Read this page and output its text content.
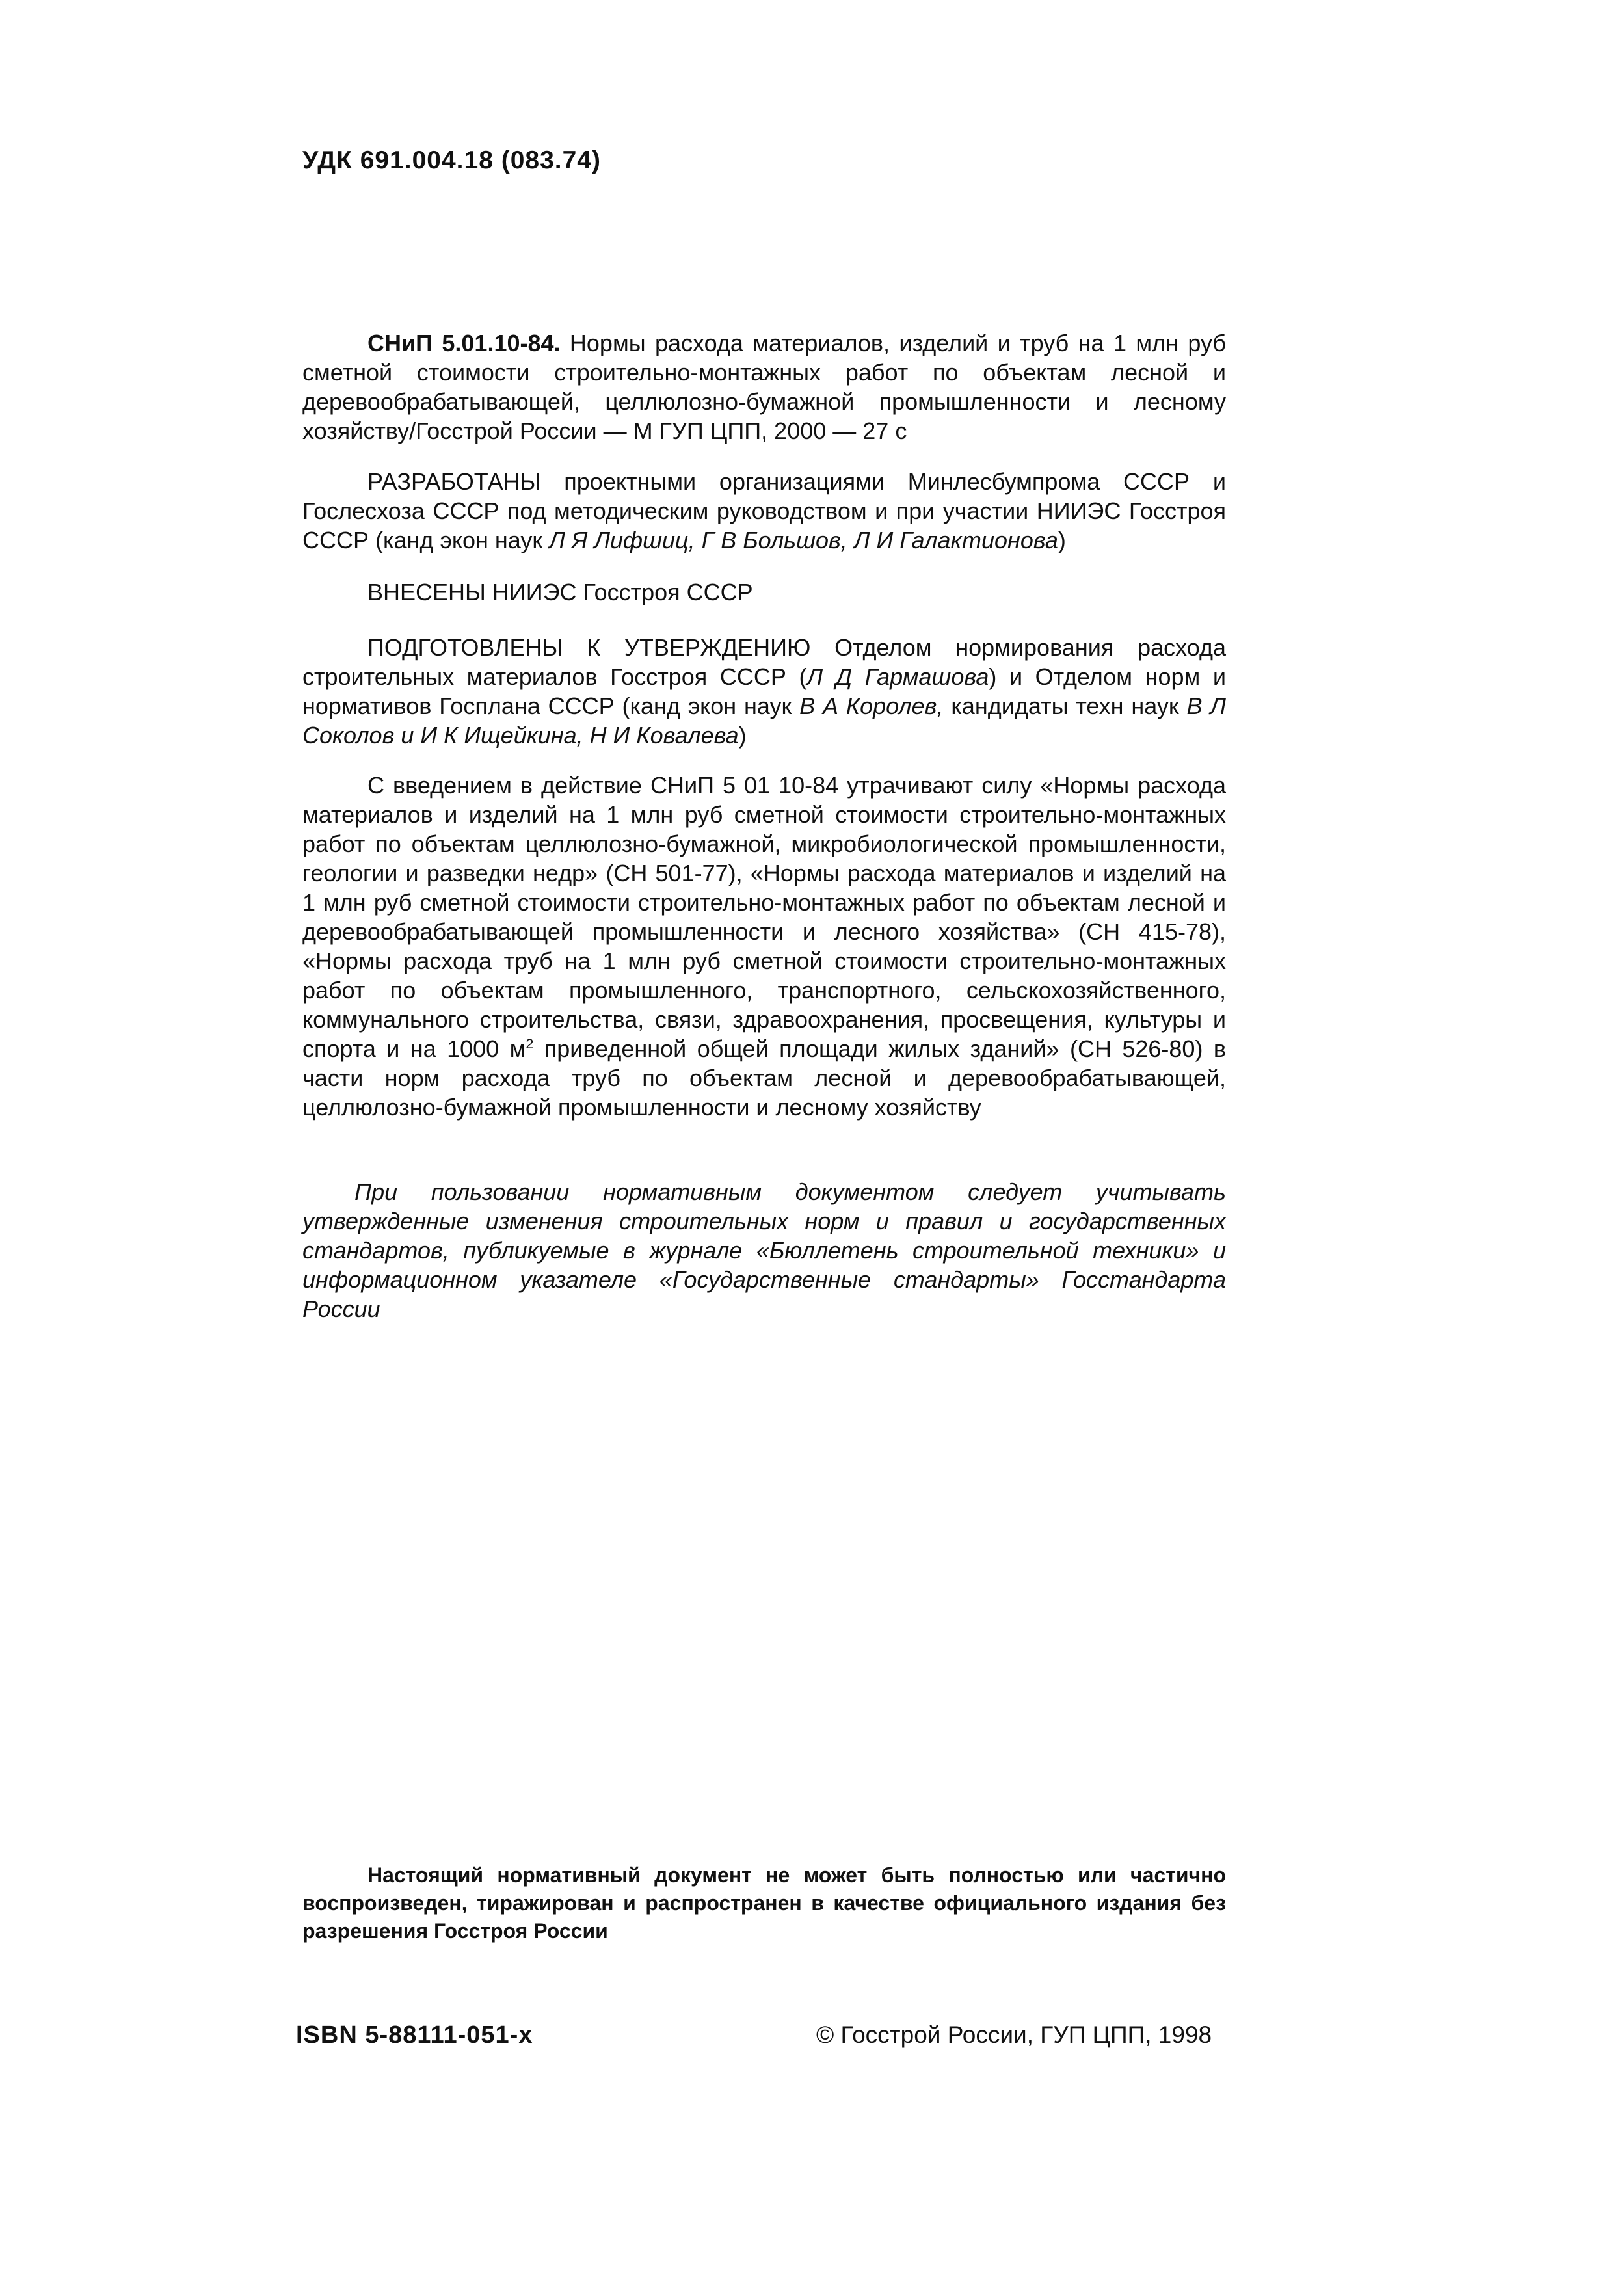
УДК 691.004.18 (083.74)
СНиП 5.01.10-84. Нормы расхода материалов, изделий и труб на 1 млн руб сметной стоимости строительно-монтажных работ по объектам лесной и деревообрабатывающей, целлюлозно-бумажной промышленности и лесному хозяйству/Госстрой России — М ГУП ЦПП, 2000 — 27 с
РАЗРАБОТАНЫ проектными организациями Минлесбумпрома СССР и Гослесхоза СССР под методическим руководством и при участии НИИЭС Госстроя СССР (канд экон наук Л Я Лифшиц, Г В Большов, Л И Галактионова)
ВНЕСЕНЫ НИИЭС Госстроя СССР
ПОДГОТОВЛЕНЫ К УТВЕРЖДЕНИЮ Отделом нормирования расхода строительных материалов Госстроя СССР (Л Д Гармашова) и Отделом норм и нормативов Госплана СССР (канд экон наук В А Королев, кандидаты техн наук В Л Соколов и И К Ищейкина, Н И Ковалева)
С введением в действие СНиП 5 01 10-84 утрачивают силу «Нормы расхода материалов и изделий на 1 млн руб сметной стоимости строительно-монтажных работ по объектам целлюлозно-бумажной, микробиологической промышленности, геологии и разведки недр» (СН 501-77), «Нормы расхода материалов и изделий на 1 млн руб сметной стоимости строительно-монтажных работ по объектам лесной и деревообрабатывающей промышленности и лесного хозяйства» (СН 415-78), «Нормы расхода труб на 1 млн руб сметной стоимости строительно-монтажных работ по объектам промышленного, транспортного, сельскохозяйственного, коммунального строительства, связи, здравоохранения, просвещения, культуры и спорта и на 1000 $м^2$ приведенной общей площади жилых зданий» (СН 526-80) в части норм расхода труб по объектам лесной и деревообрабатывающей, целлюлозно-бумажной промышленности и лесному хозяйству
При пользовании нормативным документом следует учитывать утвержденные изменения строительных норм и правил и государственных стандартов, публикуемые в журнале «Бюллетень строительной техники» и информационном указателе «Государственные стандарты» Госстандарта России
Настоящий нормативный документ не может быть полностью или частично воспроизведен, тиражирован и распространен в качестве официального издания без разрешения Госстроя России
ISBN 5-88111-051-x	© Госстрой России, ГУП ЦПП, 1998
